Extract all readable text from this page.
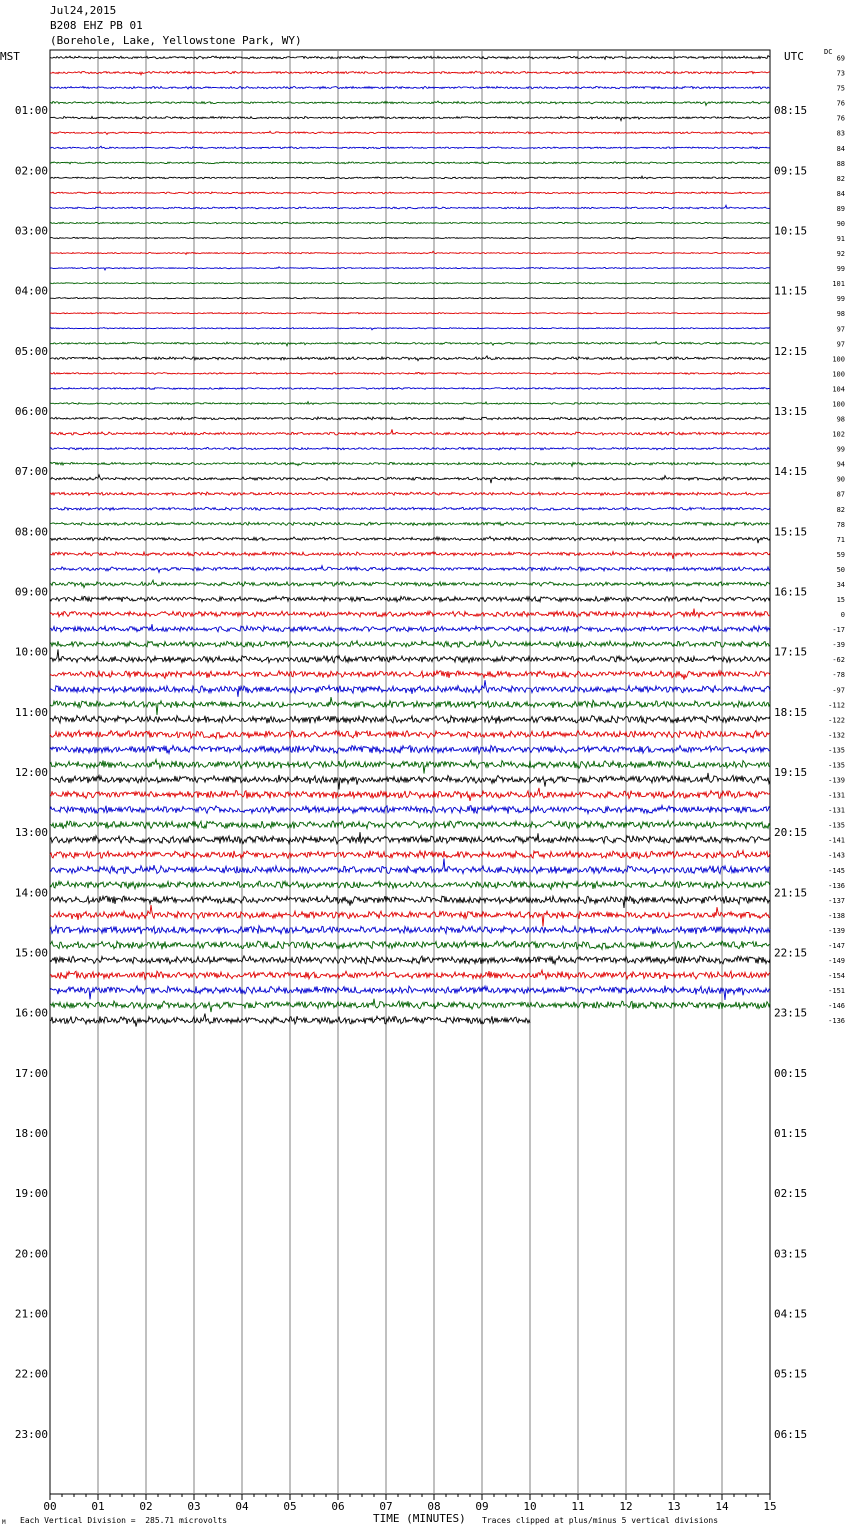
Jul24,2015
B208 EHZ PB 01
(Borehole, Lake, Yellowstone Park, WY)
MST	UTC	DC
00	01	02	03	04	05	06	07	08	09	10	11	12	13	14	15
01:00
02:00
03:00
04:00
05:00
06:00
07:00
08:00
09:00
10:00
11:00
12:00
13:00
14:00
15:00
16:00
17:00
18:00
19:00
20:00
21:00
22:00
23:00
08:15
09:15
10:15
11:15
12:15
13:15
14:15
15:15
16:15
17:15
18:15
19:15
20:15
21:15
22:15
23:15
00:15
01:15
02:15
03:15
04:15
05:15
06:15
69
73
75
76
76
83
84
88
82
84
89
90
91
92
99
101
99
98
97
97
100
100
104
100
98
102
99
94
90
87
82
78
71
59
50
34
15
0
-17
-39
-62
-78
-97
-112
-122
-132
-135
-135
-139
-131
-131
-135
-141
-143
-145
-136
-137
-138
-139
-147
-149
-154
-151
-146
-136
M Each Vertical Division =  285.71 microvolts	TIME (MINUTES) Traces clipped at plus/minus 5 vertical divisions
